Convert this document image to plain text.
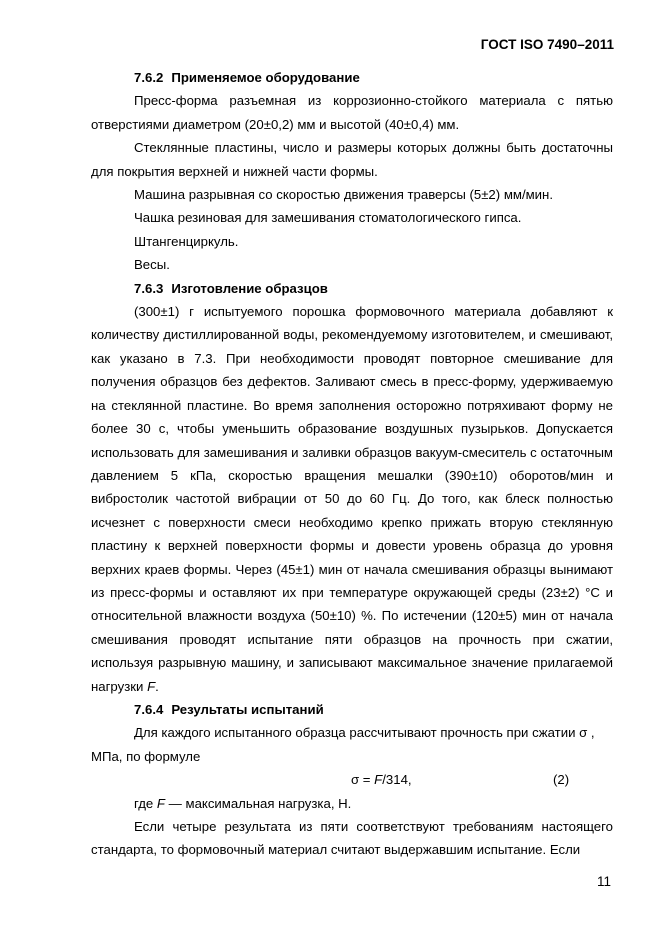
ГОСТ ISO 7490–2011

7.6.2 Применяемое оборудование

Пресс-форма разъемная из коррозионно-стойкого материала с пятью отверстиями диаметром (20±0,2) мм и высотой (40±0,4) мм.

Стеклянные пластины, число и размеры которых должны быть достаточны для покрытия верхней и нижней части формы.

Машина разрывная со скоростью движения траверсы (5±2) мм/мин.

Чашка резиновая для замешивания стоматологического гипса.

Штангенциркуль.

Весы.

7.6.3 Изготовление образцов

(300±1) г испытуемого порошка формовочного материала добавляют к количеству дистиллированной воды, рекомендуемому изготовителем, и смешивают, как указано в 7.3. При необходимости проводят повторное смешивание для получения образцов без дефектов. Заливают смесь в пресс-форму, удерживаемую на стеклянной пластине. Во время заполнения осторожно потряхивают форму не более 30 с, чтобы уменьшить образование воздушных пузырьков. Допускается использовать для замешивания и заливки образцов вакуум-смеситель с остаточным давлением 5 кПа, скоростью вращения мешалки (390±10) оборотов/мин и вибростолик частотой вибрации от 50 до 60 Гц. До того, как блеск полностью исчезнет с поверхности смеси необходимо крепко прижать вторую стеклянную пластину к верхней поверхности формы и довести уровень образца до уровня верхних краев формы. Через (45±1) мин от начала смешивания образцы вынимают из пресс-формы и оставляют их при температуре окружающей среды (23±2) °С и относительной влажности воздуха (50±10) %. По истечении (120±5) мин от начала смешивания проводят испытание пяти образцов на прочность при сжатии, используя разрывную машину, и записывают максимальное значение прилагаемой нагрузки F.

7.6.4 Результаты испытаний

Для каждого испытанного образца рассчитывают прочность при сжатии σ ,

МПа, по формуле

σ = F/314,	(2)

где F — максимальная нагрузка, Н.

Если четыре результата из пяти соответствуют требованиям настоящего стандарта, то формовочный материал считают выдержавшим испытание. Если

11
